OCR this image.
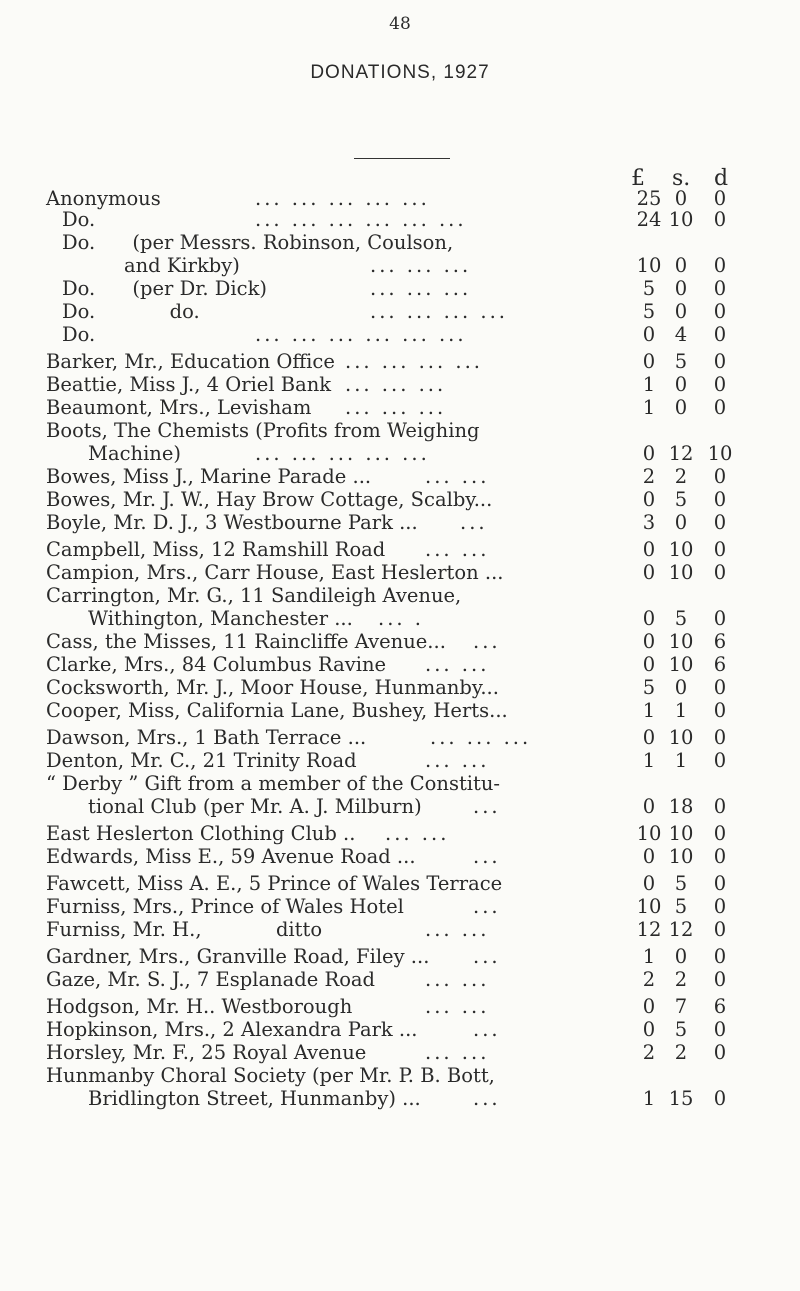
48
DONATIONS, 1927
£ s. d
Anonymous	... ... ... ... ...	25 0	0
Do.	... ... ... ... ... ...	24 10	0
Do.      (per Messrs. Robinson, Coulson,
and Kirkby)	... ... ...	10 0	0
Do.      (per Dr. Dick)	... ... ...	5	0	0
Do.            do.	... ... ... ...	5	0	0
Do.	... ... ... ... ... ...	0	4	0
Barker, Mr., Education Office ... ... ... ...	0	5	0
Beattie, Miss J., 4 Oriel Bank ... ... ...	1	0	0
Beaumont, Mrs., Levisham ... ... ...	1	0	0
Boots, The Chemists (Profits from Weighing
Machine)	... ... ... ... ...	0 12 10
Bowes, Miss J., Marine Parade ...	... ...	2	2	0
Bowes, Mr. J. W., Hay Brow Cottage, Scalby...	0	5	0
Boyle, Mr. D. J., 3 Westbourne Park ... ...	3	0	0
Campbell, Miss, 12 Ramshill Road ... ...	0 10	0
Campion, Mrs., Carr House, East Heslerton ...	0 10	0
Carrington, Mr. G., 11 Sandileigh Avenue,
Withington, Manchester ... ... .	0	5	0
Cass, the Misses, 11 Raincliffe Avenue... ...	0 10	6
Clarke, Mrs., 84 Columbus Ravine ... ...	0 10	6
Cocksworth, Mr. J., Moor House, Hunmanby...	5	0	0
Cooper, Miss, California Lane, Bushey, Herts...	1	1	0
Dawson, Mrs., 1 Bath Terrace ...	... ... ...	0 10	0
Denton, Mr. C., 21 Trinity Road	... ...	1	1	0
“ Derby ” Gift from a member of the Constitu-
tional Club (per Mr. A. J. Milburn)	...	0 18	0
East Heslerton Clothing Club .. ... ...	10 10	0
Edwards, Miss E., 59 Avenue Road ...	...	0 10	0
Fawcett, Miss A. E., 5 Prince of Wales Terrace	0	5	0
Furniss, Mrs., Prince of Wales Hotel	...	10 5	0
Furniss, Mr. H.,            ditto	... ...	12 12	0
Gardner, Mrs., Granville Road, Filey ... ...	1	0	0
Gaze, Mr. S. J., 7 Esplanade Road	... ...	2	2	0
Hodgson, Mr. H.. Westborough	... ...	0	7	6
Hopkinson, Mrs., 2 Alexandra Park ...	...	0	5	0
Horsley, Mr. F., 25 Royal Avenue	... ...	2	2	0
Hunmanby Choral Society (per Mr. P. B. Bott,
Bridlington Street, Hunmanby) ...	...	1 15	0
